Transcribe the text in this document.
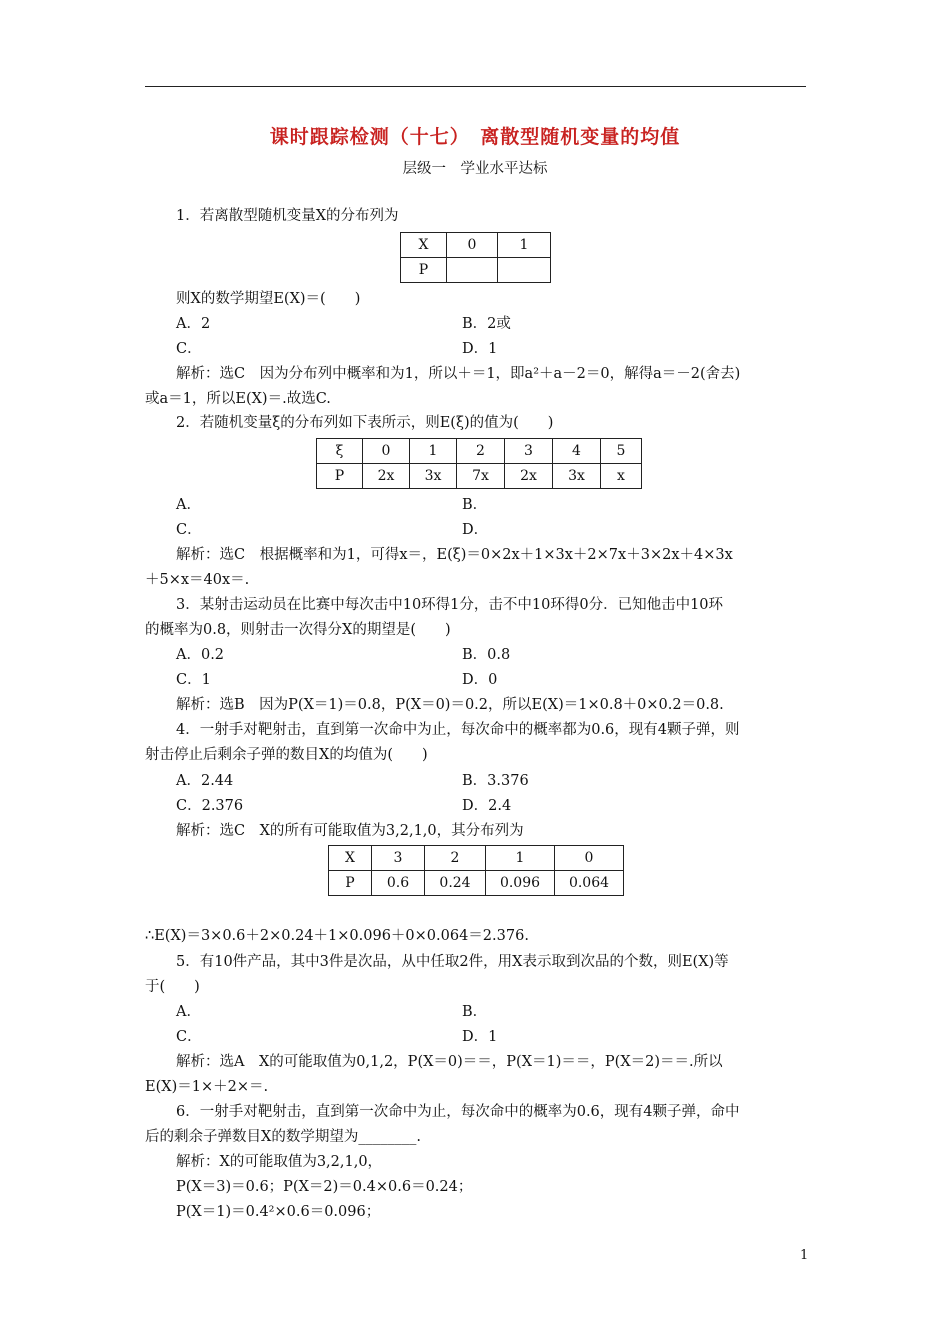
课时跟踪检测（十七）　离散型随机变量的均值
层级一　学业水平达标
1．若离散型随机变量X的分布列为
X	0	1
P		
则X的数学期望E(X)＝(　　)
A．2	B．2或
C．	D．1
解析：选C　因为分布列中概率和为1，所以＋＝1，即a²＋a－2＝0，解得a＝－2(舍去)
或a＝1，所以E(X)＝.故选C.
2．若随机变量ξ的分布列如下表所示，则E(ξ)的值为(　　)
ξ	0	1	2	3	4	5
P	2x	3x	7x	2x	3x	x
A．	B．
C．	D．
解析：选C　根据概率和为1，可得x＝，E(ξ)＝0×2x＋1×3x＋2×7x＋3×2x＋4×3x
＋5×x＝40x＝.
3．某射击运动员在比赛中每次击中10环得1分，击不中10环得0分．已知他击中10环
的概率为0.8，则射击一次得分X的期望是(　　)
A．0.2	B．0.8
C．1	D．0
解析：选B　因为P(X＝1)＝0.8，P(X＝0)＝0.2，所以E(X)＝1×0.8＋0×0.2＝0.8.
4．一射手对靶射击，直到第一次命中为止，每次命中的概率都为0.6，现有4颗子弹，则
射击停止后剩余子弹的数目X的均值为(　　)
A．2.44	B．3.376
C．2.376	D．2.4
解析：选C　X的所有可能取值为3,2,1,0，其分布列为
X	3	2	1	0
P	0.6	0.24	0.096	0.064
∴E(X)＝3×0.6＋2×0.24＋1×0.096＋0×0.064＝2.376.
5．有10件产品，其中3件是次品，从中任取2件，用X表示取到次品的个数，则E(X)等
于(　　)
A．	B．
C．	D．1
解析：选A　X的可能取值为0,1,2，P(X＝0)＝＝，P(X＝1)＝＝，P(X＝2)＝＝.所以
E(X)＝1×＋2×＝.
6．一射手对靶射击，直到第一次命中为止，每次命中的概率为0.6，现有4颗子弹，命中
后的剩余子弹数目X的数学期望为________.
解析：X的可能取值为3,2,1,0，
P(X＝3)＝0.6；P(X＝2)＝0.4×0.6＝0.24；
P(X＝1)＝0.4²×0.6＝0.096；
1
